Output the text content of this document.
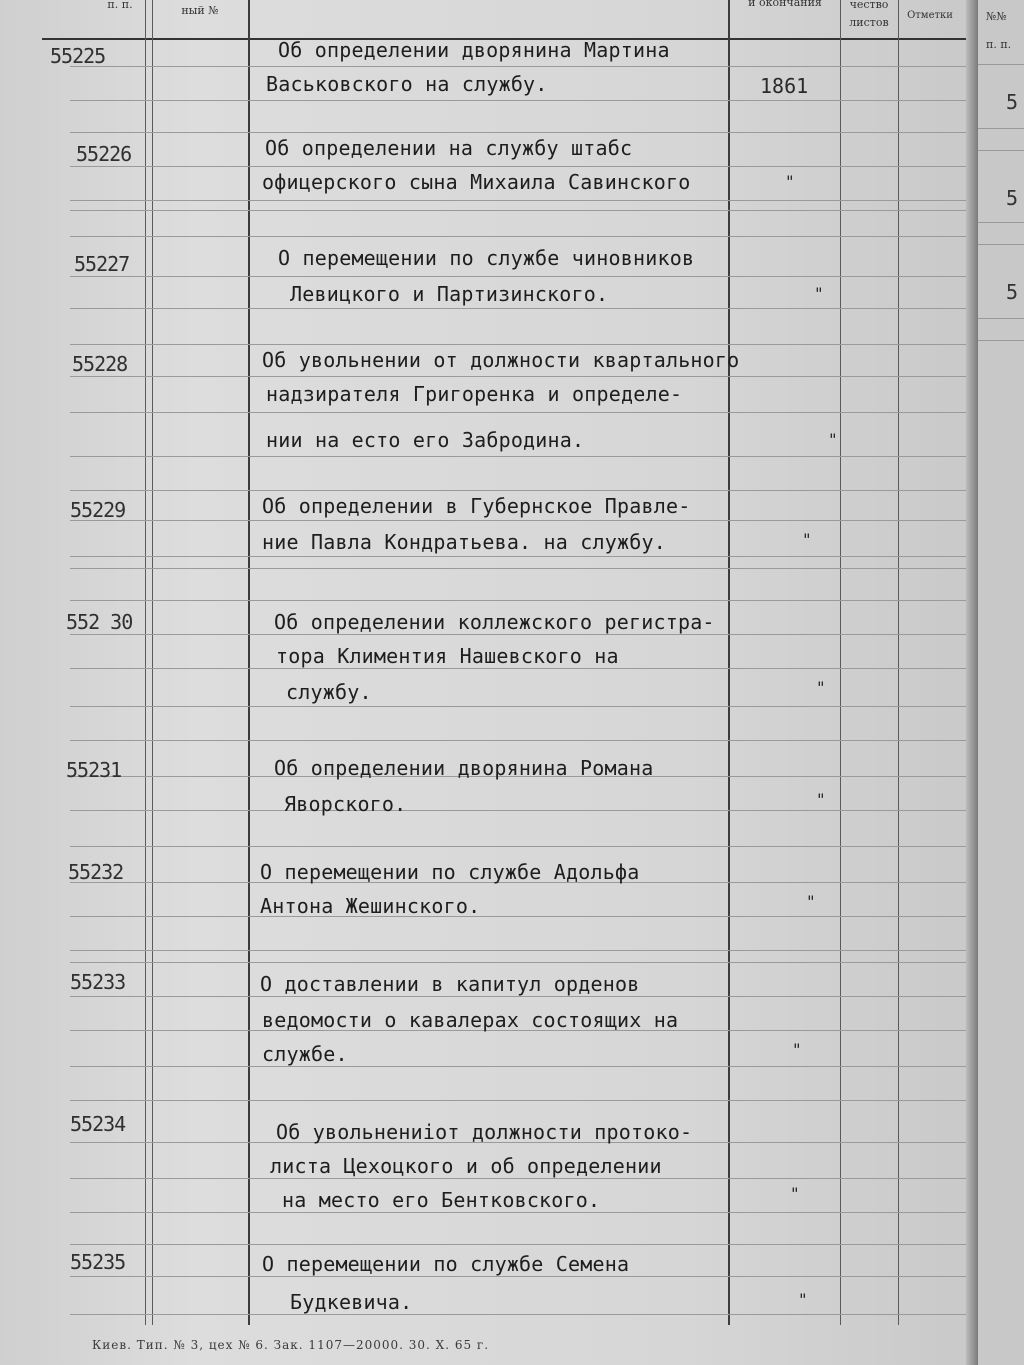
п. п.	ный №
и окончания	чество листов
Отметки
55225	Об определении дворянина Мартина
Васьковского на службу.	1861
55226	Об определении на службу штабс
офицерского сына Михаила Савинского	"
55227	О перемещении по службе чиновников
Левицкого и Партизинского.	"
55228	Об увольнении от должности квартального
надзирателя Григоренка и определе-
нии на есто его Забродина.	"
55229	Об определении в Губернское Правле-
ние Павла Кондратьева. на службу.	"
552 30	Об определении коллежского регистра-
тора Климентия Нашевского на
службу.	"
55231	Об определении дворянина Романа
Яворского.	"
55232	О перемещении по службе Адольфа
Антона Жешинского.	"
55233	О доставлении в капитул орденов
ведомости о кавалерах состоящих на
службе.	"
55234	Об увольнениiот должности протоко-
листа Цехоцкого и об определении
на место его Бентковского.	"
55235	О перемещении по службе Семена
Будкевича.	"
Киев. Тип. № 3, цех № 6. Зак. 1107—20000. 30. X. 65 г.
№№
п. п.
5
5
5
